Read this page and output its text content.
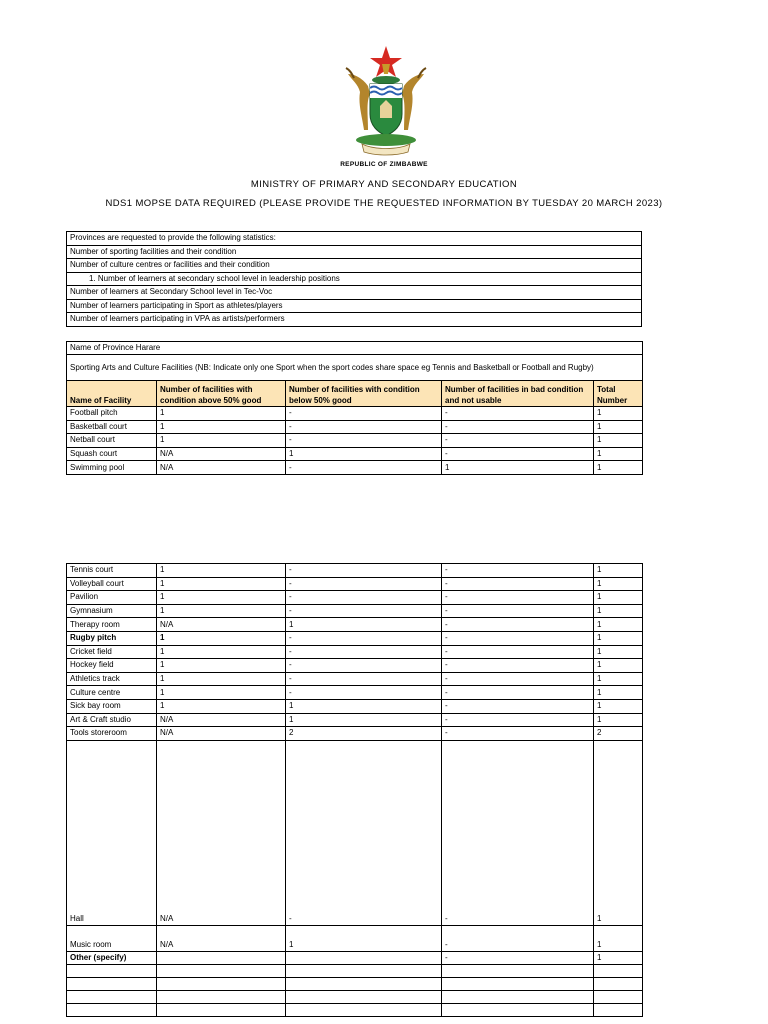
REPUBLIC OF ZIMBABWE
MINISTRY OF PRIMARY AND SECONDARY EDUCATION
NDS1 MOPSE DATA REQUIRED (PLEASE PROVIDE THE REQUESTED INFORMATION BY TUESDAY 20 MARCH 2023)
Provinces are requested to provide the following statistics:
Number of sporting facilities and their condition
Number of culture centres or facilities and their condition
1. Number of learners at secondary school level in leadership positions
Number of learners at Secondary School level in Tec-Voc
Number of learners participating in Sport as athletes/players
Number of learners participating in VPA as artists/performers
Name of Province Harare				
Sporting Arts and Culture Facilities (NB: Indicate only one Sport when the sport codes share space eg Tennis and Basketball or Football and Rugby)				
Name of Facility	Number of facilities with condition above 50% good	Number of facilities with condition below 50% good	Number of facilities in bad condition and not usable	Total Number
Football pitch	1	-	-	1
Basketball court	1	-	-	1
Netball court	1	-	-	1
Squash court	N/A	1	-	1
Swimming pool	N/A	-	1	1
Tennis court	1	-	-	1
Volleyball court	1	-	-	1
Pavilion	1	-	-	1
Gymnasium	1	-	-	1
Therapy room	N/A	1	-	1
Rugby pitch	1	-	-	1
Cricket field	1	-	-	1
Hockey field	1	-	-	1
Athletics track	1	-	-	1
Culture centre	1	-	-	1
Sick bay room	1	1	-	1
Art & Craft studio	N/A	1	-	1
Tools storeroom	N/A	2	-	2
Hall	N/A	-	-	1
Music room	N/A	1	-	1
Other (specify)			-	1
